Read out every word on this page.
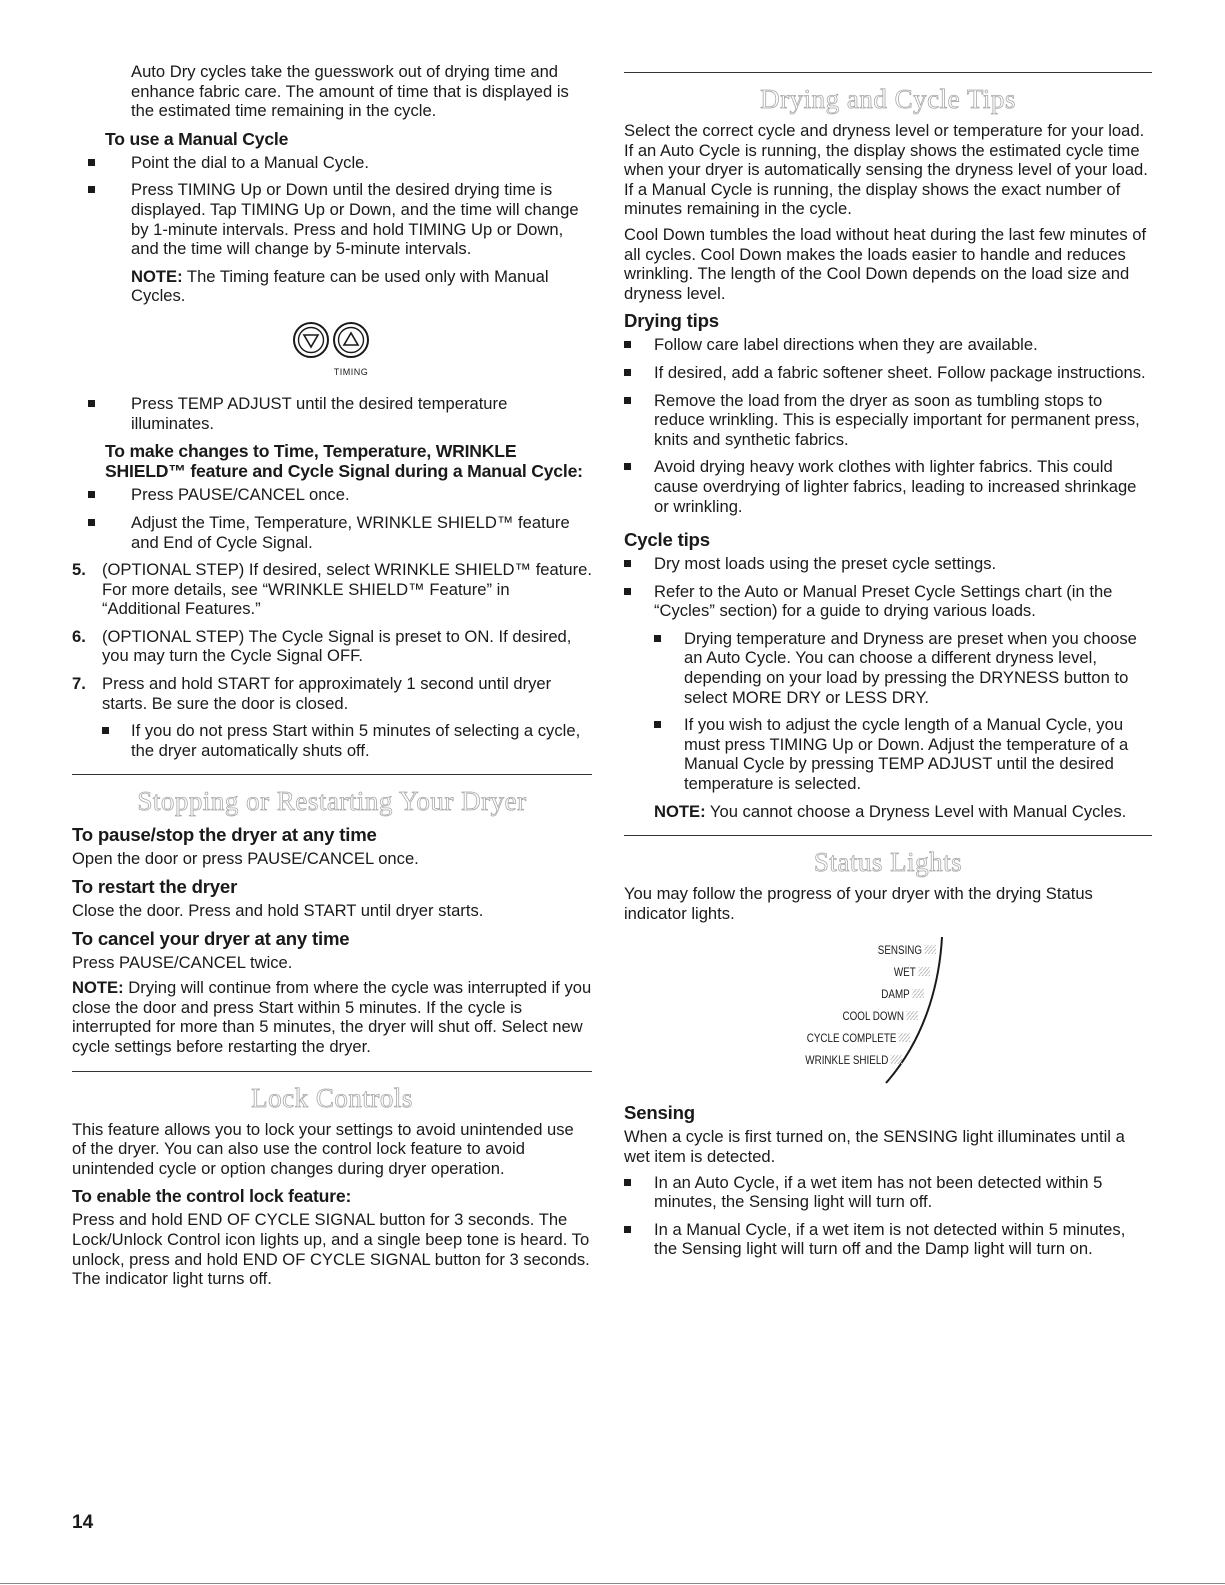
Auto Dry cycles take the guesswork out of drying time and enhance fabric care. The amount of time that is displayed is the estimated time remaining in the cycle.

To use a Manual Cycle
Point the dial to a Manual Cycle.
Press TIMING Up or Down until the desired drying time is displayed. Tap TIMING Up or Down, and the time will change by 1-minute intervals. Press and hold TIMING Up or Down, and the time will change by 5-minute intervals.

NOTE: The Timing feature can be used only with Manual Cycles.

TIMING
Press TEMP ADJUST until the desired temperature illuminates.
To make changes to Time, Temperature, WRINKLE SHIELD™ feature and Cycle Signal during a Manual Cycle:
Press PAUSE/CANCEL once.
Adjust the Time, Temperature, WRINKLE SHIELD™ feature and End of Cycle Signal.
5. (OPTIONAL STEP) If desired, select WRINKLE SHIELD™ feature. For more details, see “WRINKLE SHIELD™ Feature” in “Additional Features.”
6. (OPTIONAL STEP) The Cycle Signal is preset to ON. If desired, you may turn the Cycle Signal OFF.
7. Press and hold START for approximately 1 second until dryer starts. Be sure the door is closed.
If you do not press Start within 5 minutes of selecting a cycle, the dryer automatically shuts off.
Stopping or Restarting Your Dryer
To pause/stop the dryer at any time

Open the door or press PAUSE/CANCEL once.

To restart the dryer

Close the door. Press and hold START until dryer starts.

To cancel your dryer at any time

Press PAUSE/CANCEL twice.

NOTE: Drying will continue from where the cycle was interrupted if you close the door and press Start within 5 minutes. If the cycle is interrupted for more than 5 minutes, the dryer will shut off. Select new cycle settings before restarting the dryer.

Lock Controls

This feature allows you to lock your settings to avoid unintended use of the dryer. You can also use the control lock feature to avoid unintended cycle or option changes during dryer operation.

To enable the control lock feature:

Press and hold END OF CYCLE SIGNAL button for 3 seconds. The Lock/Unlock Control icon lights up, and a single beep tone is heard. To unlock, press and hold END OF CYCLE SIGNAL button for 3 seconds. The indicator light turns off.

Drying and Cycle Tips

Select the correct cycle and dryness level or temperature for your load. If an Auto Cycle is running, the display shows the estimated cycle time when your dryer is automatically sensing the dryness level of your load. If a Manual Cycle is running, the display shows the exact number of minutes remaining in the cycle.

Cool Down tumbles the load without heat during the last few minutes of all cycles. Cool Down makes the loads easier to handle and reduces wrinkling. The length of the Cool Down depends on the load size and dryness level.

Drying tips
Follow care label directions when they are available.
If desired, add a fabric softener sheet. Follow package instructions.
Remove the load from the dryer as soon as tumbling stops to reduce wrinkling. This is especially important for permanent press, knits and synthetic fabrics.
Avoid drying heavy work clothes with lighter fabrics. This could cause overdrying of lighter fabrics, leading to increased shrinkage or wrinkling.
Cycle tips
Dry most loads using the preset cycle settings.
Refer to the Auto or Manual Preset Cycle Settings chart (in the “Cycles” section) for a guide to drying various loads.
Drying temperature and Dryness are preset when you choose an Auto Cycle. You can choose a different dryness level, depending on your load by pressing the DRYNESS button to select MORE DRY or LESS DRY.
If you wish to adjust the cycle length of a Manual Cycle, you must press TIMING Up or Down. Adjust the temperature of a Manual Cycle by pressing TEMP ADJUST until the desired temperature is selected.

NOTE: You cannot choose a Dryness Level with Manual Cycles.

Status Lights

You may follow the progress of your dryer with the drying Status indicator lights.

SENSING
WET
DAMP
COOL DOWN
CYCLE COMPLETE
WRINKLE SHIELD
Sensing

When a cycle is first turned on, the SENSING light illuminates until a wet item is detected.

In an Auto Cycle, if a wet item has not been detected within 5 minutes, the Sensing light will turn off.
In a Manual Cycle, if a wet item is not detected within 5 minutes, the Sensing light will turn off and the Damp light will turn on.
14
